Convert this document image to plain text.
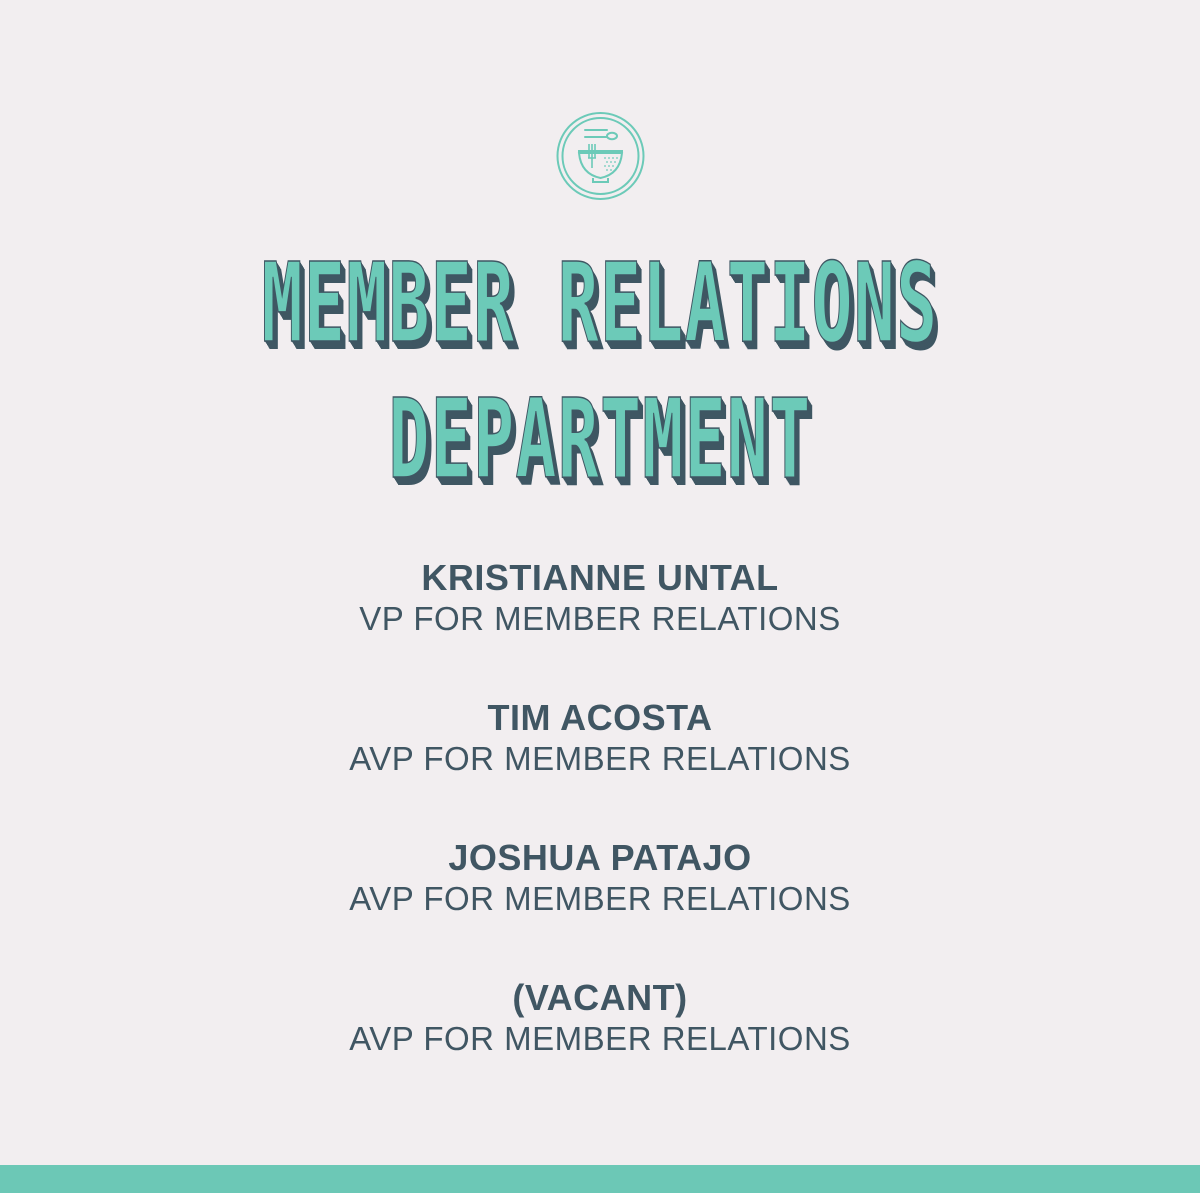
MEMBER RELATIONS
DEPARTMENT
KRISTIANNE UNTAL
VP FOR MEMBER RELATIONS
TIM ACOSTA
AVP FOR MEMBER RELATIONS
JOSHUA PATAJO
AVP FOR MEMBER RELATIONS
(VACANT)
AVP FOR MEMBER RELATIONS
